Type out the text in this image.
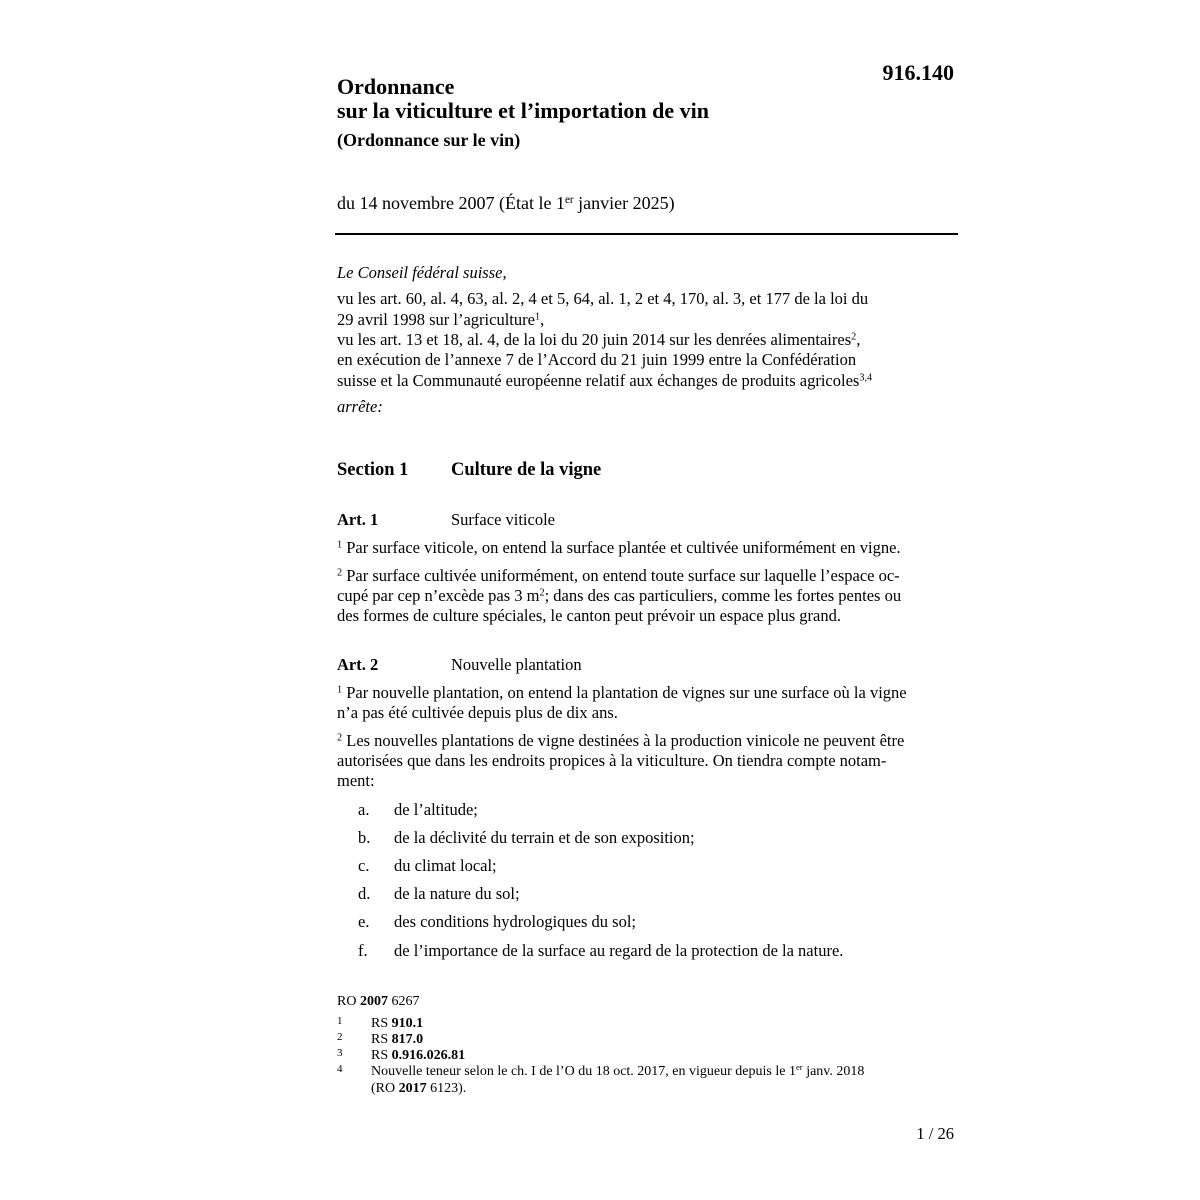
916.140
Ordonnance
sur la viticulture et l’importation de vin
(Ordonnance sur le vin)
du 14 novembre 2007 (État le 1er janvier 2025)
Le Conseil fédéral suisse,
vu les art. 60, al. 4, 63, al. 2, 4 et 5, 64, al. 1, 2 et 4, 170, al. 3, et 177 de la loi du
29 avril 1998 sur l’agriculture$^1$,
vu les art. 13 et 18, al. 4, de la loi du 20 juin 2014 sur les denrées alimentaires$^2$,
en exécution de l’annexe 7 de l’Accord du 21 juin 1999 entre la Confédération
suisse et la Communauté européenne relatif aux échanges de produits agricoles$^{3,4}$
arrête:
Section 1 Culture de la vigne
Art. 1	Surface viticole
$^1$ Par surface viticole, on entend la surface plantée et cultivée uniformément en vigne.
$^2$ Par surface cultivée uniformément, on entend toute surface sur laquelle l’espace oc-
cupé par cep n’excède pas 3 $m^2$; dans des cas particuliers, comme les fortes pentes ou
des formes de culture spéciales, le canton peut prévoir un espace plus grand.
Art. 2	Nouvelle plantation
$^1$ Par nouvelle plantation, on entend la plantation de vignes sur une surface où la vigne
n’a pas été cultivée depuis plus de dix ans.
$^2$ Les nouvelles plantations de vigne destinées à la production vinicole ne peuvent être
autorisées que dans les endroits propices à la viticulture. On tiendra compte notam-
ment:
a. de l’altitude;
b. de la déclivité du terrain et de son exposition;
c. du climat local;
d. de la nature du sol;
e. des conditions hydrologiques du sol;
f. de l’importance de la surface au regard de la protection de la nature.
RO 2007 6267
1 RS 910.1
2 RS 817.0
3 RS 0.916.026.81
4 Nouvelle teneur selon le ch. I de l’O du 18 oct. 2017, en vigueur depuis le 1er janv. 2018
(RO 2017 6123).
1 / 26
